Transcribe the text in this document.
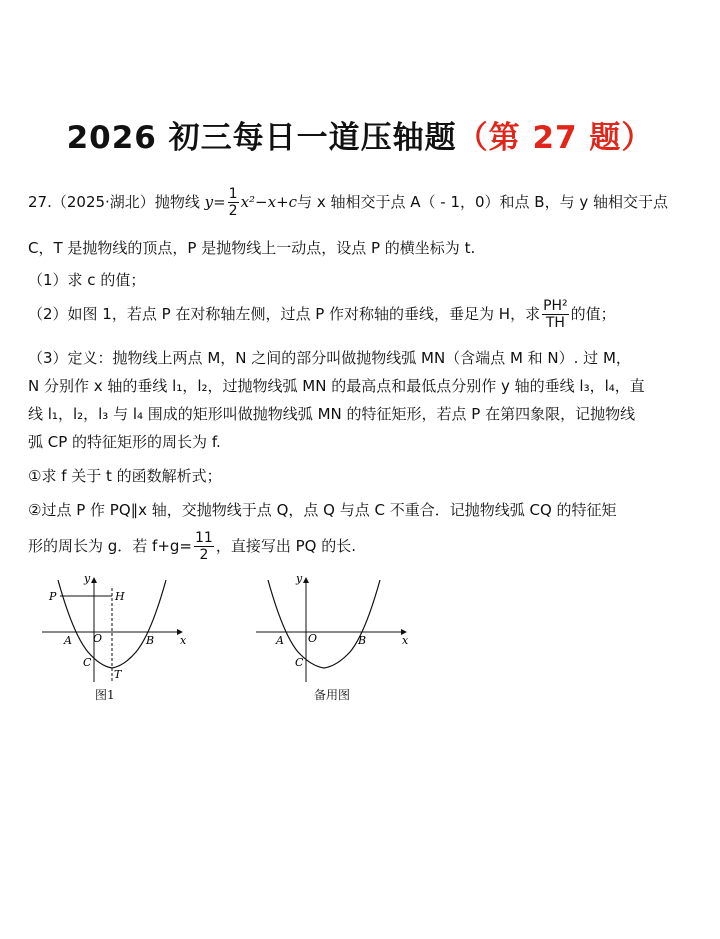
2026 初三每日一道压轴题（第 27 题）
27.（2025·湖北）抛物线 $y= \frac{1}{2} x^2-x+c$与 x 轴相交于点 A（ - 1，0）和点 B，与 y 轴相交于点
C，T 是抛物线的顶点，P 是抛物线上一动点，设点 P 的横坐标为 t.
（1）求 c 的值；
（2）如图 1，若点 P 在对称轴左侧，过点 P 作对称轴的垂线，垂足为 H，求 $\frac{\text{PH²}}{TH}$ 的值；
（3）定义：抛物线上两点 M，N 之间的部分叫做抛物线弧 MN（含端点 M 和 N）. 过 M，
N 分别作 x 轴的垂线 l₁，l₂，过抛物线弧 MN 的最高点和最低点分别作 y 轴的垂线 l₃，l₄，直
线 l₁，l₂，l₃ 与 l₄ 围成的矩形叫做抛物线弧 MN 的特征矩形，若点 P 在第四象限，记抛物线
弧 CP 的特征矩形的周长为 f.
①求 f 关于 t 的函数解析式；
②过点 P 作 PQ∥x 轴，交抛物线于点 Q，点 Q 与点 C 不重合．记抛物线弧 CQ 的特征矩
形的周长为 g．若 $f+g= \frac{11}{2}$ ，直接写出 PQ 的长.
y
x
P	H
A O	B
C
T
图1
y
x
A O	B
C
备用图
